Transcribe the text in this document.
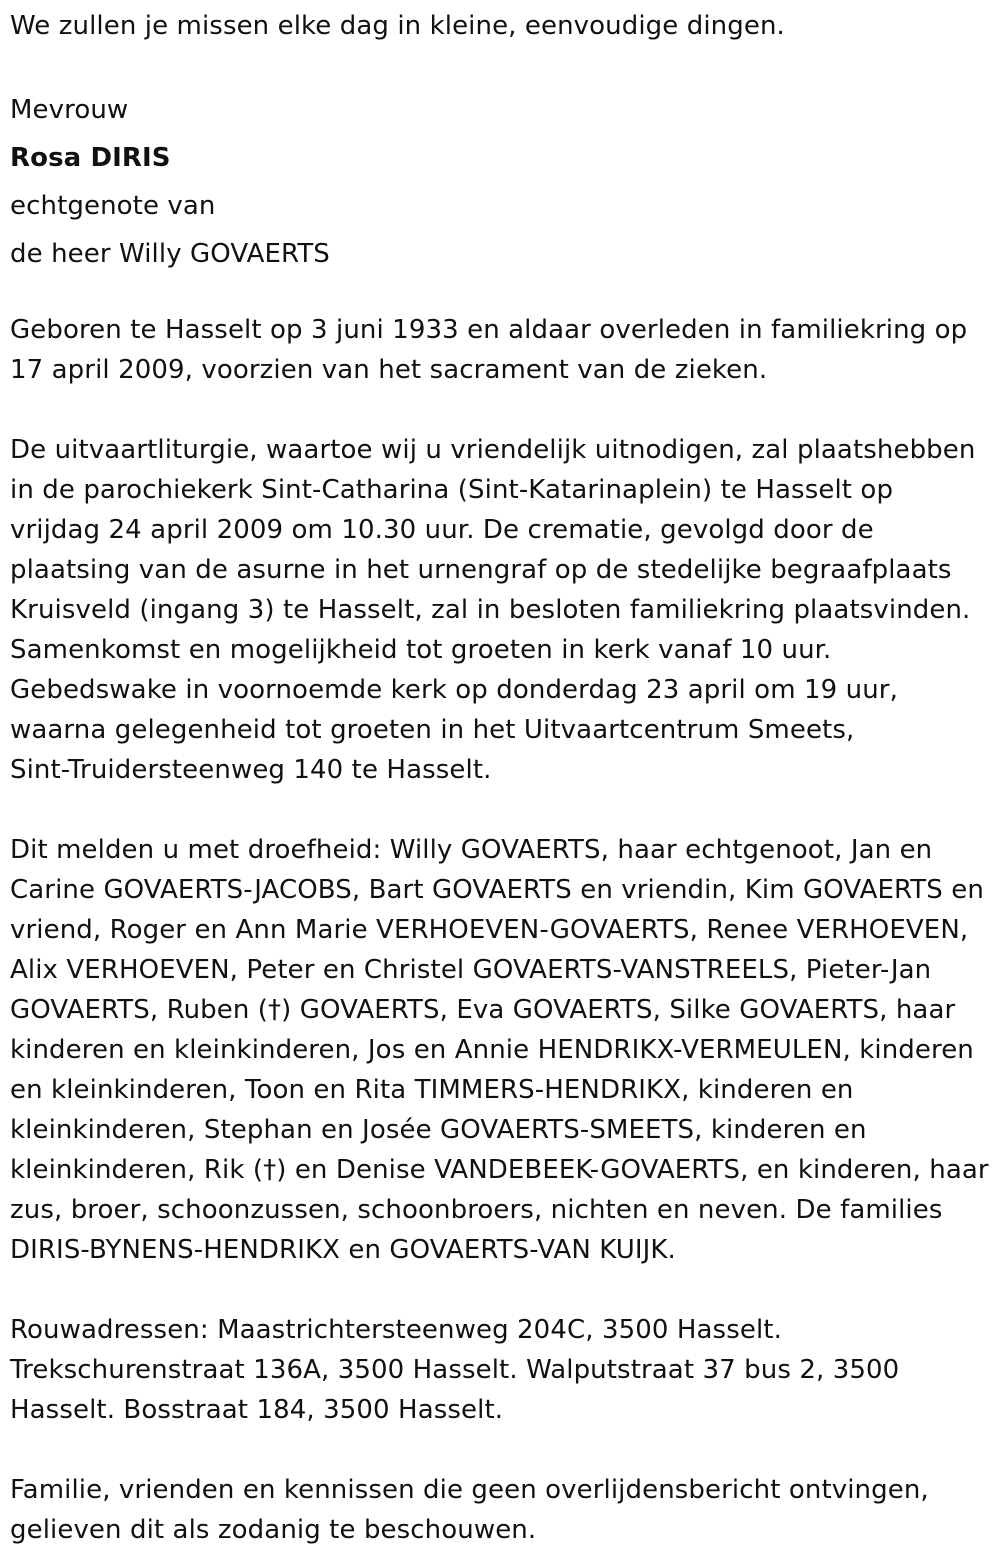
We zullen je missen elke dag in kleine, eenvoudige dingen.
Mevrouw
Rosa DIRIS
echtgenote van
de heer Willy GOVAERTS
Geboren te Hasselt op 3 juni 1933 en aldaar overleden in familiekring op
17 april 2009, voorzien van het sacrament van de zieken.
De uitvaartliturgie, waartoe wij u vriendelijk uitnodigen, zal plaatshebben
in de parochiekerk Sint-Catharina (Sint-Katarinaplein) te Hasselt op
vrijdag 24 april 2009 om 10.30 uur. De crematie, gevolgd door de
plaatsing van de asurne in het urnengraf op de stedelijke begraafplaats
Kruisveld (ingang 3) te Hasselt, zal in besloten familiekring plaatsvinden.
Samenkomst en mogelijkheid tot groeten in kerk vanaf 10 uur.
Gebedswake in voornoemde kerk op donderdag 23 april om 19 uur,
waarna gelegenheid tot groeten in het Uitvaartcentrum Smeets,
Sint-Truidersteenweg 140 te Hasselt.
Dit melden u met droefheid: Willy GOVAERTS, haar echtgenoot, Jan en
Carine GOVAERTS-JACOBS, Bart GOVAERTS en vriendin, Kim GOVAERTS en
vriend, Roger en Ann Marie VERHOEVEN-GOVAERTS, Renee VERHOEVEN,
Alix VERHOEVEN, Peter en Christel GOVAERTS-VANSTREELS, Pieter-Jan
GOVAERTS, Ruben (†) GOVAERTS, Eva GOVAERTS, Silke GOVAERTS, haar
kinderen en kleinkinderen, Jos en Annie HENDRIKX-VERMEULEN, kinderen
en kleinkinderen, Toon en Rita TIMMERS-HENDRIKX, kinderen en
kleinkinderen, Stephan en Josée GOVAERTS-SMEETS, kinderen en
kleinkinderen, Rik (†) en Denise VANDEBEEK-GOVAERTS, en kinderen, haar
zus, broer, schoonzussen, schoonbroers, nichten en neven. De families
DIRIS-BYNENS-HENDRIKX en GOVAERTS-VAN KUIJK.
Rouwadressen: Maastrichtersteenweg 204C, 3500 Hasselt.
Trekschurenstraat 136A, 3500 Hasselt. Walputstraat 37 bus 2, 3500
Hasselt. Bosstraat 184, 3500 Hasselt.
Familie, vrienden en kennissen die geen overlijdensbericht ontvingen,
gelieven dit als zodanig te beschouwen.
